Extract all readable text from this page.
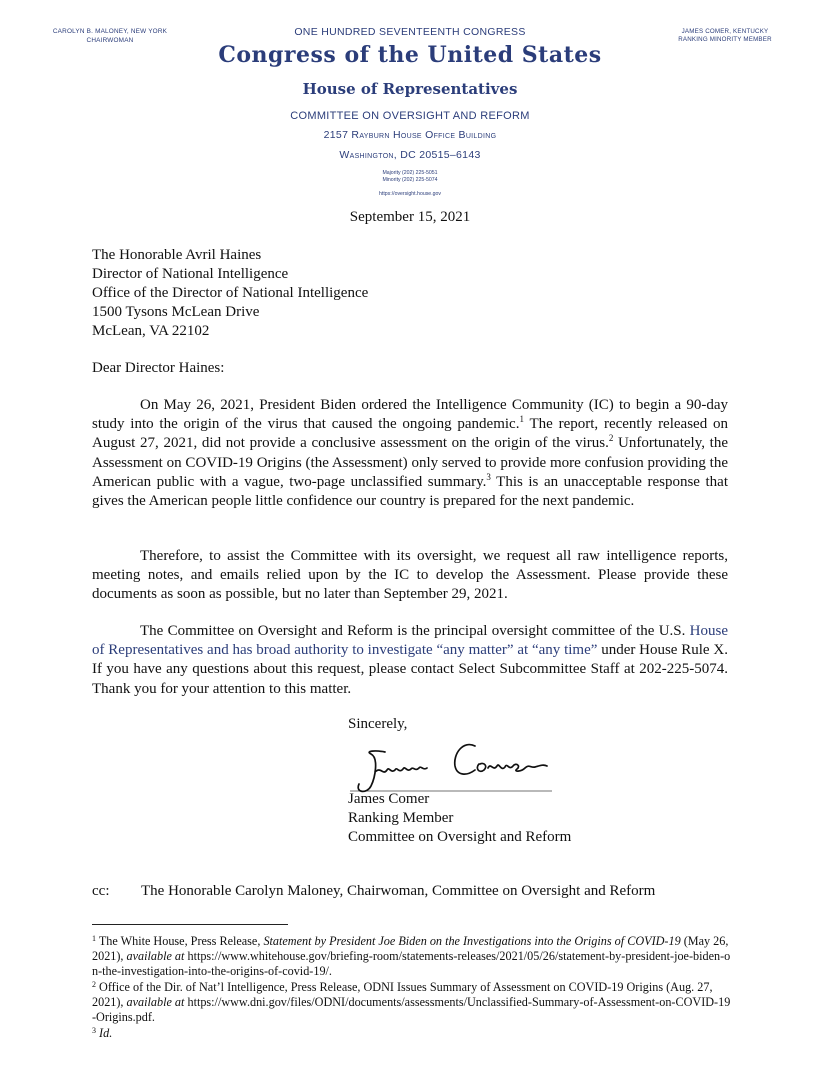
CAROLYN B. MALONEY, NEW YORK
CHAIRWOMAN
ONE HUNDRED SEVENTEENTH CONGRESS	JAMES COMER, KENTUCKY
RANKING MINORITY MEMBER
Congress of the United States
House of Representatives
COMMITTEE ON OVERSIGHT AND REFORM
2157 Rayburn House Office Building
Washington, DC 20515–6143
Majority (202) 225-5051
Minority (202) 225-5074
https://oversight.house.gov
September 15, 2021
The Honorable Avril Haines
Director of National Intelligence
Office of the Director of National Intelligence
1500 Tysons McLean Drive
McLean, VA 22102
Dear Director Haines:
On May 26, 2021, President Biden ordered the Intelligence Community (IC) to begin a 90-day study into the origin of the virus that caused the ongoing pandemic.$^1$ The report, recently released on August 27, 2021, did not provide a conclusive assessment on the origin of the virus.$^2$ Unfortunately, the Assessment on COVID-19 Origins (the Assessment) only served to provide more confusion providing the American public with a vague, two-page unclassified summary.$^3$ This is an unacceptable response that gives the American people little confidence our country is prepared for the next pandemic.
Therefore, to assist the Committee with its oversight, we request all raw intelligence reports, meeting notes, and emails relied upon by the IC to develop the Assessment. Please provide these documents as soon as possible, but no later than September 29, 2021.
The Committee on Oversight and Reform is the principal oversight committee of the U.S. House of Representatives and has broad authority to investigate “any matter” at “any time” under House Rule X. If you have any questions about this request, please contact Select Subcommittee Staff at 202-225-5074. Thank you for your attention to this matter.
Sincerely,
James Comer
Ranking Member
Committee on Oversight and Reform
cc: The Honorable Carolyn Maloney, Chairwoman, Committee on Oversight and Reform
$^1$ The White House, Press Release, Statement by President Joe Biden on the Investigations into the Origins of COVID-19 (May 26, 2021), available at https://www.whitehouse.gov/briefing-room/statements-releases/2021/05/26/statement-by-president-joe-biden-on-the-investigation-into-the-origins-of-covid-19/.
$^2$ Office of the Dir. of Nat’l Intelligence, Press Release, ODNI Issues Summary of Assessment on COVID-19 Origins (Aug. 27, 2021), available at https://www.dni.gov/files/ODNI/documents/assessments/Unclassified-Summary-of-Assessment-on-COVID-19-Origins.pdf.
$^3$ Id.
